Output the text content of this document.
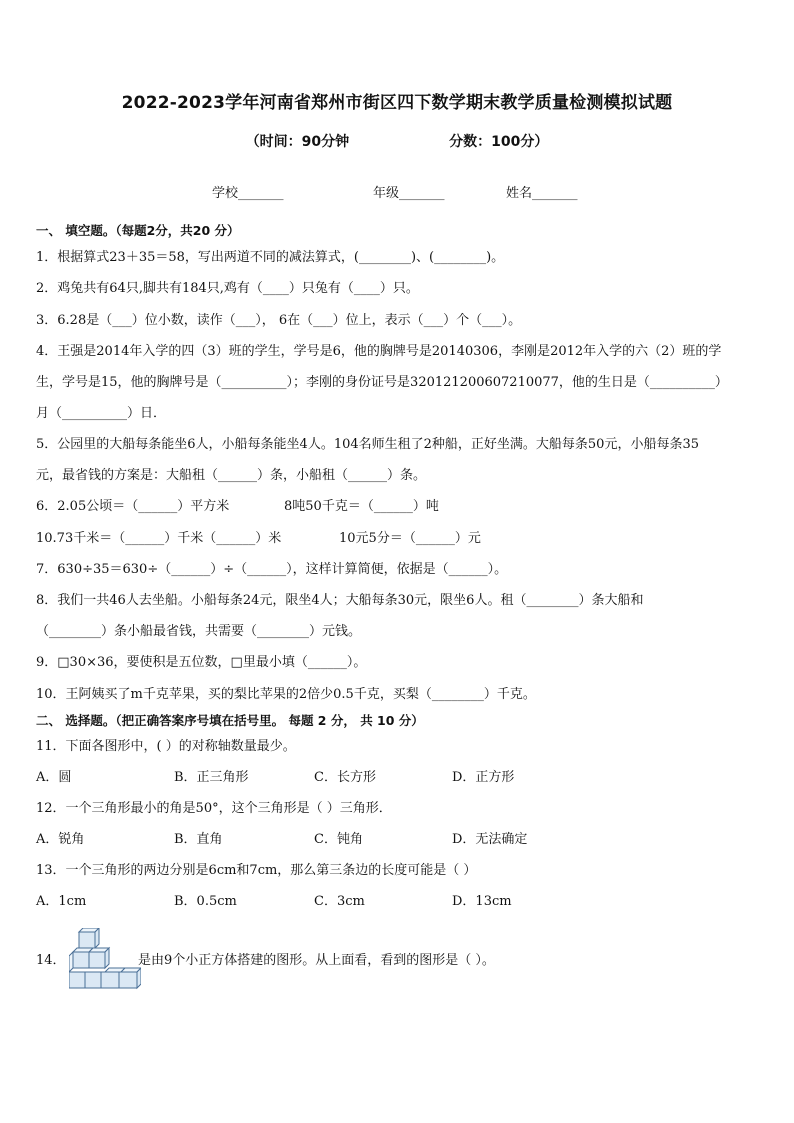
2022-2023学年河南省郑州市街区四下数学期末教学质量检测模拟试题
（时间：90分钟	分数：100分）
学校_______	年级_______	姓名_______
一、 填空题。（每题2分，共20 分）
1．根据算式23＋35＝58，写出两道不同的减法算式，(________)、(________)。
2．鸡兔共有64只,脚共有184只,鸡有（____）只兔有（____）只。
3．6.28是（___）位小数，读作（___）， 6在（___）位上，表示（___）个（___）。
4．王强是2014年入学的四（3）班的学生，学号是6，他的胸牌号是20140306，李刚是2012年入学的六（2）班的学
生，学号是15，他的胸牌号是（__________）；李刚的身份证号是320121200607210077，他的生日是（__________）
月（__________）日．
5．公园里的大船每条能坐6人，小船每条能坐4人。104名师生租了2种船，正好坐满。大船每条50元，小船每条35
元，最省钱的方案是：大船租（______）条，小船租（______）条。
6．2.05公顷＝（______）平方米	8吨50千克＝（______）吨
10.73千米＝（______）千米（______）米	10元5分＝（______）元
7．630÷35＝630÷（______）÷（______），这样计算简便，依据是（______）。
8．我们一共46人去坐船。小船每条24元，限坐4人；大船每条30元，限坐6人。租（________）条大船和
（________）条小船最省钱，共需要（________）元钱。
9．□30×36，要使积是五位数，□里最小填（______）。
10．王阿姨买了m千克苹果，买的梨比苹果的2倍少0.5千克，买梨（________）千克。
二、 选择题。（把正确答案序号填在括号里。 每题 2 分， 共 10 分）
11．下面各图形中，( ）的对称轴数量最少。
A．圆	B．正三角形	C．长方形	D．正方形
12．一个三角形最小的角是50°，这个三角形是（ ）三角形．
A．锐角	B．直角	C．钝角	D．无法确定
13．一个三角形的两边分别是6cm和7cm，那么第三条边的长度可能是（ ）
A．1cm	B．0.5cm	C．3cm	D．13cm
14．	是由9个小正方体搭建的图形。从上面看，看到的图形是（ ）。
